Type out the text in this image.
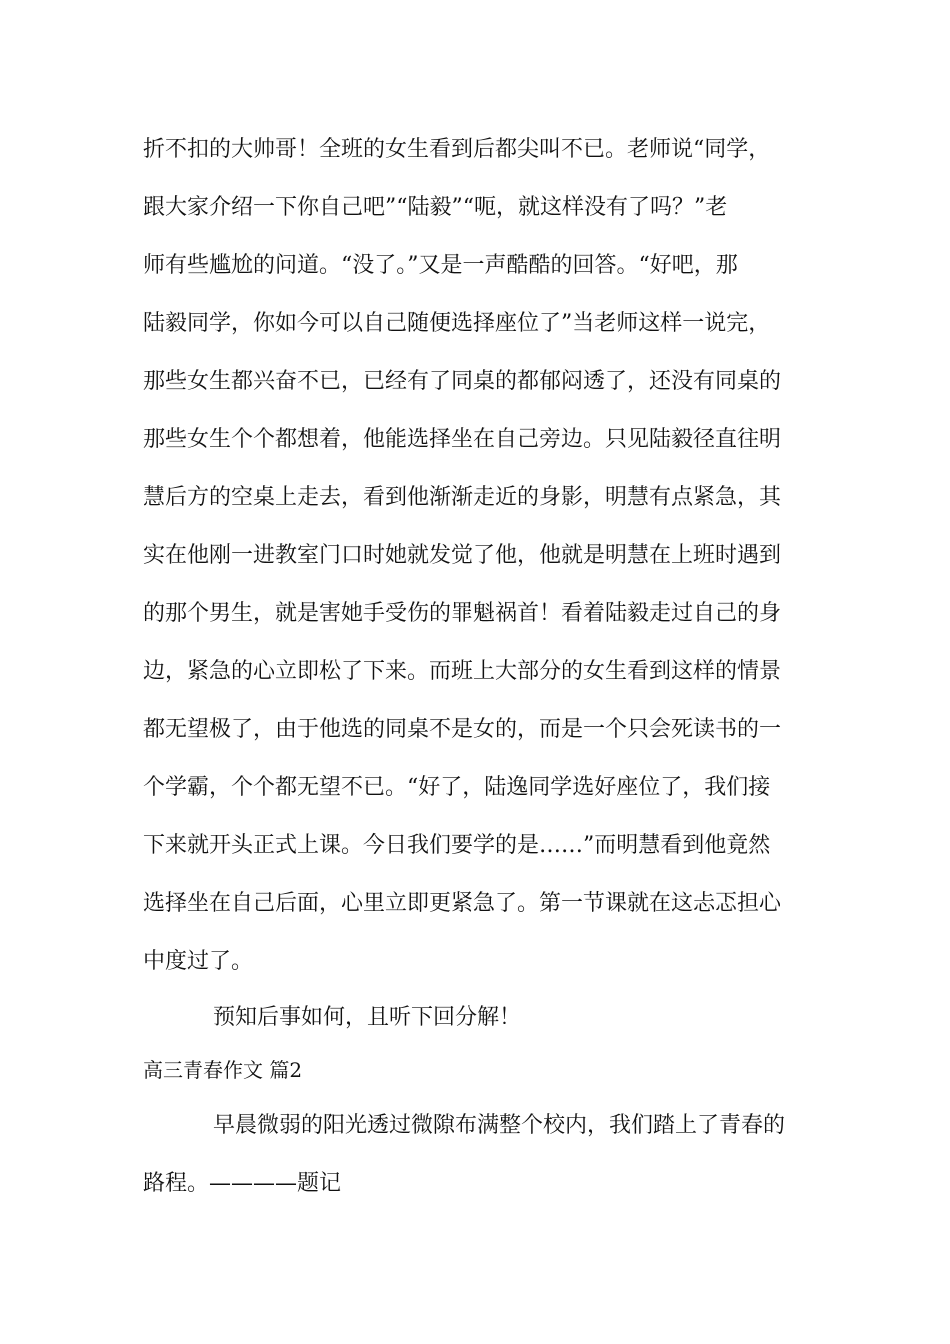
折不扣的大帅哥！全班的女生看到后都尖叫不已。老师说“同学，
跟大家介绍一下你自己吧”“陆毅”“呃，就这样没有了吗？”老
师有些尴尬的问道。“没了。”又是一声酷酷的回答。“好吧，那
陆毅同学，你如今可以自己随便选择座位了”当老师这样一说完，
那些女生都兴奋不已，已经有了同桌的都郁闷透了，还没有同桌的
那些女生个个都想着，他能选择坐在自己旁边。只见陆毅径直往明
慧后方的空桌上走去，看到他渐渐走近的身影，明慧有点紧急，其
实在他刚一进教室门口时她就发觉了他，他就是明慧在上班时遇到
的那个男生，就是害她手受伤的罪魁祸首！看着陆毅走过自己的身
边，紧急的心立即松了下来。而班上大部分的女生看到这样的情景
都无望极了，由于他选的同桌不是女的，而是一个只会死读书的一
个学霸，个个都无望不已。“好了，陆逸同学选好座位了，我们接
下来就开头正式上课。今日我们要学的是……”而明慧看到他竟然
选择坐在自己后面，心里立即更紧急了。第一节课就在这忐忑担心
中度过了。
预知后事如何，且听下回分解！
高三青春作文 篇2
早晨微弱的阳光透过微隙布满整个校内，我们踏上了青春的
路程。————题记
